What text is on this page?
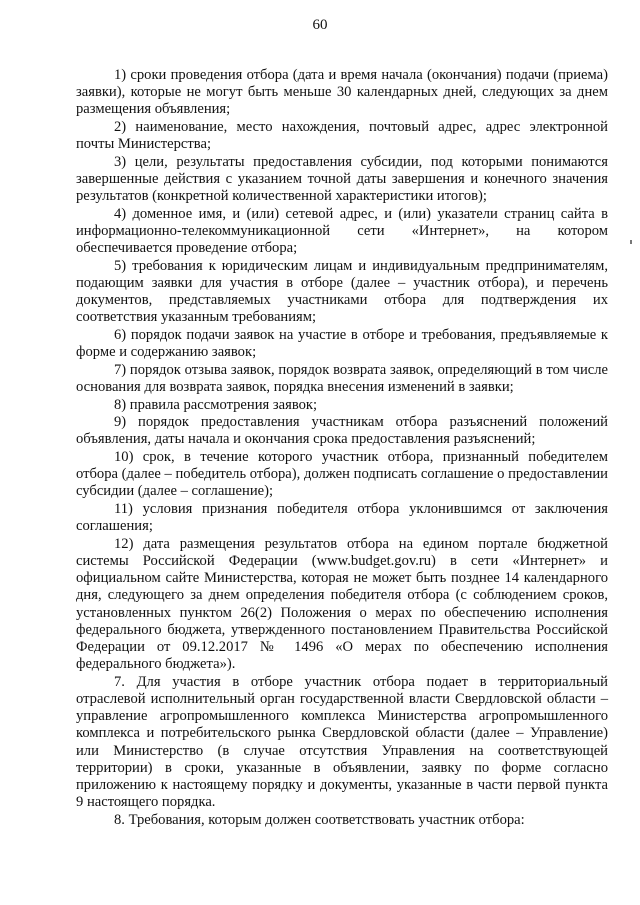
60

1) сроки проведения отбора (дата и время начала (окончания) подачи (приема) заявки), которые не могут быть меньше 30 календарных дней, следующих за днем размещения объявления;

2) наименование, место нахождения, почтовый адрес, адрес электронной почты Министерства;

3) цели, результаты предоставления субсидии, под которыми понимаются завершенные действия с указанием точной даты завершения и конечного значения результатов (конкретной количественной характеристики итогов);

4) доменное имя, и (или) сетевой адрес, и (или) указатели страниц сайта в информационно-телекоммуникационной сети «Интернет», на котором обеспечивается проведение отбора;

5) требования к юридическим лицам и индивидуальным предпринимателям, подающим заявки для участия в отборе (далее – участник отбора), и перечень документов, представляемых участниками отбора для подтверждения их соответствия указанным требованиям;

6) порядок подачи заявок на участие в отборе и требования, предъявляемые к форме и содержанию заявок;

7) порядок отзыва заявок, порядок возврата заявок, определяющий в том числе основания для возврата заявок, порядка внесения изменений в заявки;

8) правила рассмотрения заявок;

9) порядок предоставления участникам отбора разъяснений положений объявления, даты начала и окончания срока предоставления разъяснений;

10) срок, в течение которого участник отбора, признанный победителем отбора (далее – победитель отбора), должен подписать соглашение о предоставлении субсидии (далее – соглашение);

11) условия признания победителя отбора уклонившимся от заключения соглашения;

12) дата размещения результатов отбора на едином портале бюджетной системы Российской Федерации (www.budget.gov.ru) в сети «Интернет» и официальном сайте Министерства, которая не может быть позднее 14 календарного дня, следующего за днем определения победителя отбора (с соблюдением сроков, установленных пунктом 26(2) Положения о мерах по обеспечению исполнения федерального бюджета, утвержденного постановлением Правительства Российской Федерации от 09.12.2017 № 1496 «О мерах по обеспечению исполнения федерального бюджета»).

7. Для участия в отборе участник отбора подает в территориальный отраслевой исполнительный орган государственной власти Свердловской области – управление агропромышленного комплекса Министерства агропромышленного комплекса и потребительского рынка Свердловской области (далее – Управление) или Министерство (в случае отсутствия Управления на соответствующей территории) в сроки, указанные в объявлении, заявку по форме согласно приложению к настоящему порядку и документы, указанные в части первой пункта 9 настоящего порядка.

8. Требования, которым должен соответствовать участник отбора:
